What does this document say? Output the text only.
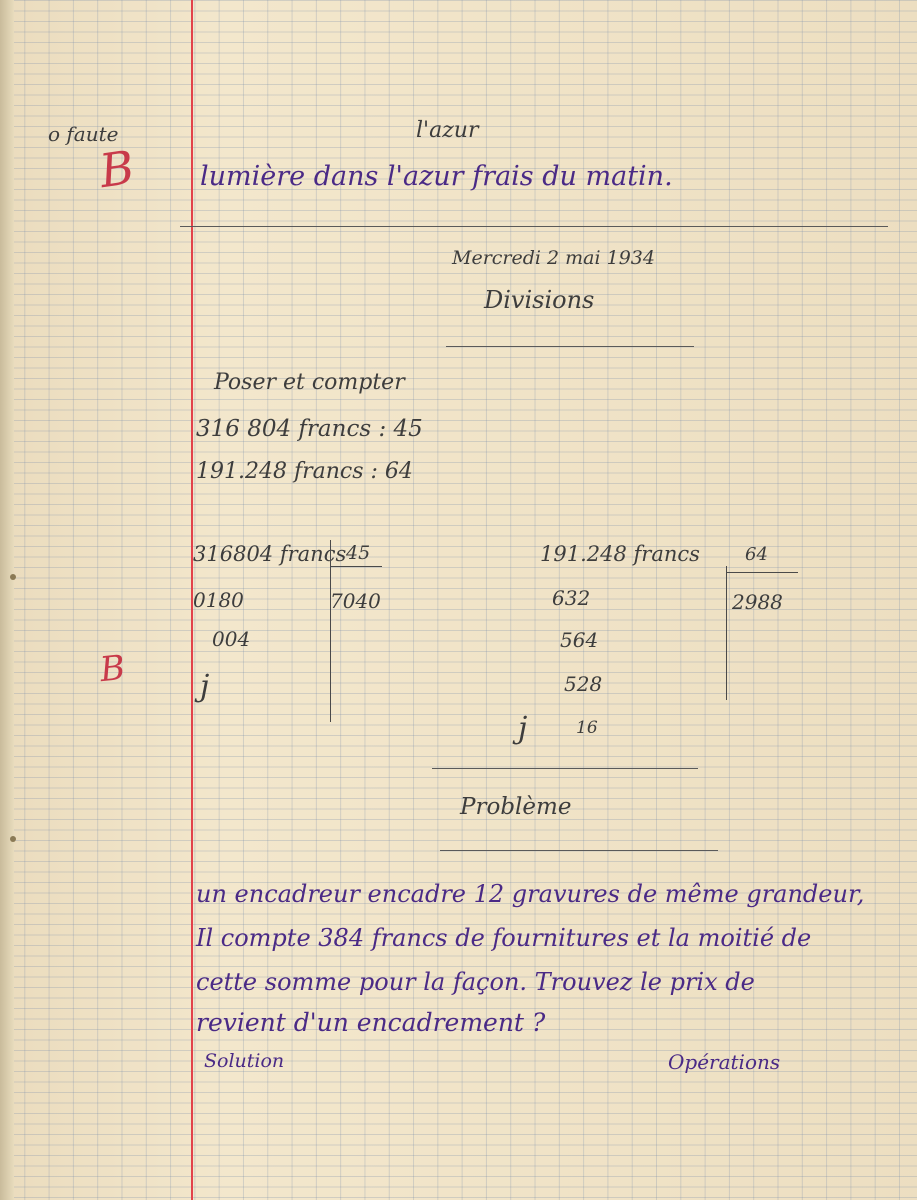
o faute
B
B
l'azur
lumière dans l'azur frais du matin.
Mercredi 2 mai 1934
Divisions
Poser et compter
316 804 francs : 45
191.248 francs : 64
316804 francs 45
7040
0180
004
j
191.248 francs	64
2988
632
564
528
16
j
Problème
un encadreur encadre 12 gravures de même grandeur,
Il compte 384 francs de fournitures et la moitié de
cette somme pour la façon. Trouvez le prix de
revient d'un encadrement ?
Solution	Opérations
